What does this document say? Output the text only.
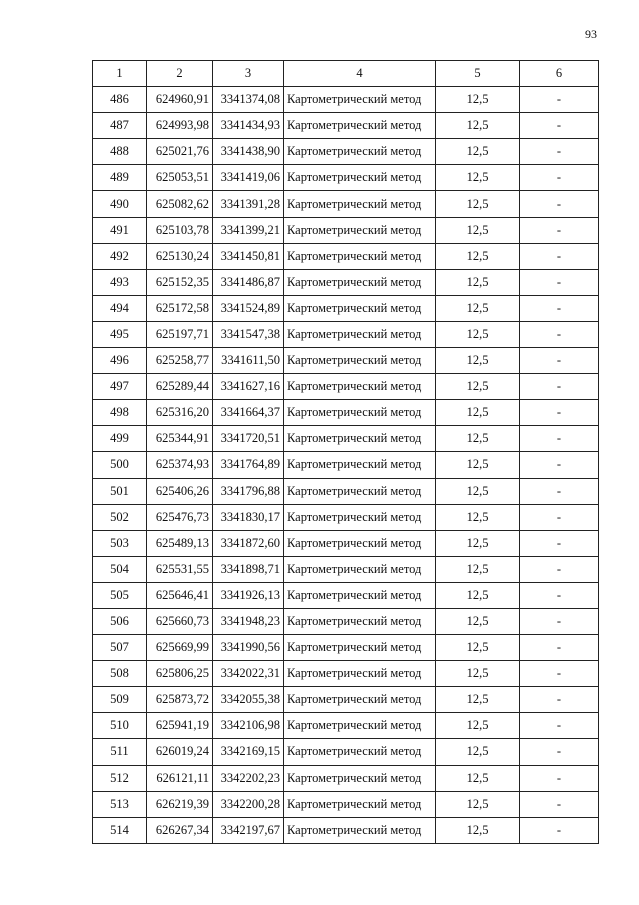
93
1	2	3	4	5	6
486	624960,91	3341374,08	Картометрический метод	12,5	-
487	624993,98	3341434,93	Картометрический метод	12,5	-
488	625021,76	3341438,90	Картометрический метод	12,5	-
489	625053,51	3341419,06	Картометрический метод	12,5	-
490	625082,62	3341391,28	Картометрический метод	12,5	-
491	625103,78	3341399,21	Картометрический метод	12,5	-
492	625130,24	3341450,81	Картометрический метод	12,5	-
493	625152,35	3341486,87	Картометрический метод	12,5	-
494	625172,58	3341524,89	Картометрический метод	12,5	-
495	625197,71	3341547,38	Картометрический метод	12,5	-
496	625258,77	3341611,50	Картометрический метод	12,5	-
497	625289,44	3341627,16	Картометрический метод	12,5	-
498	625316,20	3341664,37	Картометрический метод	12,5	-
499	625344,91	3341720,51	Картометрический метод	12,5	-
500	625374,93	3341764,89	Картометрический метод	12,5	-
501	625406,26	3341796,88	Картометрический метод	12,5	-
502	625476,73	3341830,17	Картометрический метод	12,5	-
503	625489,13	3341872,60	Картометрический метод	12,5	-
504	625531,55	3341898,71	Картометрический метод	12,5	-
505	625646,41	3341926,13	Картометрический метод	12,5	-
506	625660,73	3341948,23	Картометрический метод	12,5	-
507	625669,99	3341990,56	Картометрический метод	12,5	-
508	625806,25	3342022,31	Картометрический метод	12,5	-
509	625873,72	3342055,38	Картометрический метод	12,5	-
510	625941,19	3342106,98	Картометрический метод	12,5	-
511	626019,24	3342169,15	Картометрический метод	12,5	-
512	626121,11	3342202,23	Картометрический метод	12,5	-
513	626219,39	3342200,28	Картометрический метод	12,5	-
514	626267,34	3342197,67	Картометрический метод	12,5	-
